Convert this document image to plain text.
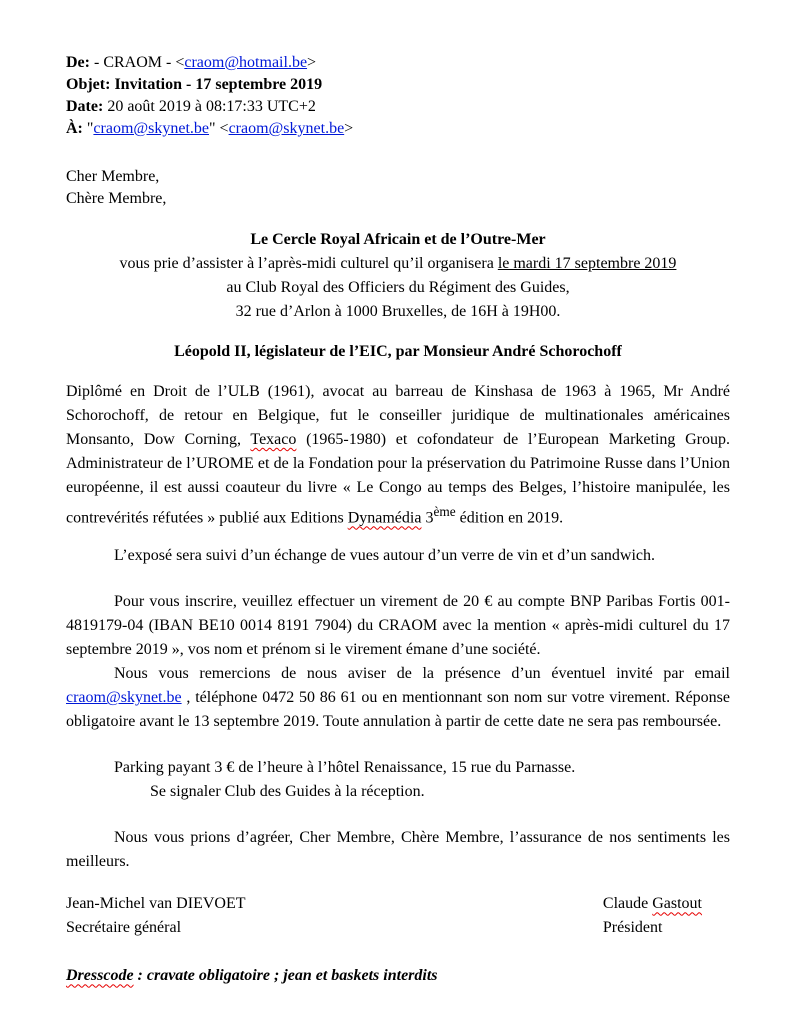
De: - CRAOM - <craom@hotmail.be>

Objet: Invitation - 17 septembre 2019

Date: 20 août 2019 à 08:17:33 UTC+2

À: "craom@skynet.be" <craom@skynet.be>

Cher Membre,

Chère Membre,

Le Cercle Royal Africain et de l’Outre-Mer

vous prie d’assister à l’après-midi culturel qu’il organisera le mardi 17 septembre 2019

au Club Royal des Officiers du Régiment des Guides,

32 rue d’Arlon à 1000 Bruxelles, de 16H à 19H00.

Léopold II, législateur de l’EIC, par Monsieur André Schorochoff

Diplômé en Droit de l’ULB (1961), avocat au barreau de Kinshasa de 1963 à 1965, Mr André Schorochoff, de retour en Belgique, fut le conseiller juridique de multinationales américaines Monsanto, Dow Corning, Texaco (1965-1980) et cofondateur de l’European Marketing Group. Administrateur de l’UROME et de la Fondation pour la préservation du Patrimoine Russe dans l’Union européenne, il est aussi coauteur du livre « Le Congo au temps des Belges, l’histoire manipulée, les contrevérités réfutées » publié aux Editions Dynamédia 3ème édition en 2019.

L’exposé sera suivi d’un échange de vues autour d’un verre de vin et d’un sandwich.

Pour vous inscrire, veuillez effectuer un virement de 20 € au compte BNP Paribas Fortis 001-4819179-04 (IBAN BE10 0014 8191 7904) du CRAOM avec la mention « après-midi culturel du 17 septembre 2019 », vos nom et prénom si le virement émane d’une société.

Nous vous remercions de nous aviser de la présence d’un éventuel invité par email craom@skynet.be , téléphone 0472 50 86 61 ou en mentionnant son nom sur votre virement. Réponse obligatoire avant le 13 septembre 2019. Toute annulation à partir de cette date ne sera pas remboursée.

Parking payant 3 € de l’heure à l’hôtel Renaissance, 15 rue du Parnasse.

Se signaler Club des Guides à la réception.

Nous vous prions d’agréer, Cher Membre, Chère Membre, l’assurance de nos sentiments les meilleurs.

Jean-Michel van DIEVOET

Secrétaire général

Claude Gastout

Président

Dresscode : cravate obligatoire ; jean et baskets interdits
